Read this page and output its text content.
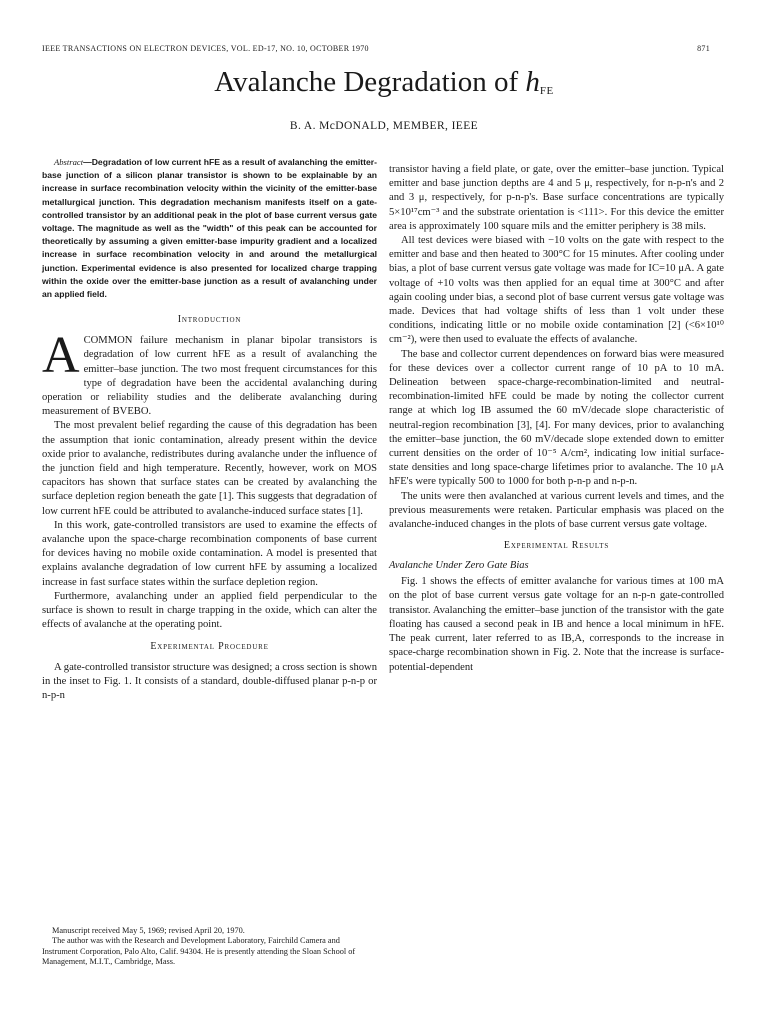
IEEE TRANSACTIONS ON ELECTRON DEVICES, VOL. ED-17, NO. 10, OCTOBER 1970	871
Avalanche Degradation of $h_{FE}$
B. A. McDONALD, MEMBER, IEEE

Abstract—Degradation of low current hFE as a result of avalanching the emitter-base junction of a silicon planar transistor is shown to be explainable by an increase in surface recombination velocity within the vicinity of the emitter-base metallurgical junction. This degradation mechanism manifests itself on a gate-controlled transistor by an additional peak in the plot of base current versus gate voltage. The magnitude as well as the "width" of this peak can be accounted for theoretically by assuming a given emitter-base impurity gradient and a localized increase in surface recombination velocity in and around the metallurgical junction. Experimental evidence is also presented for localized charge trapping within the oxide over the emitter-base junction as a result of avalanching under an applied field.

Introduction

ACOMMON failure mechanism in planar bipolar transistors is degradation of low current hFE as a result of avalanching the emitter–base junction. The two most frequent circumstances for this type of degradation have been the accidental avalanching during operation or reliability studies and the deliberate avalanching during measurement of BVEBO.

The most prevalent belief regarding the cause of this degradation has been the assumption that ionic contamination, already present within the device oxide prior to avalanche, redistributes during avalanche under the influence of the junction field and high temperature. Recently, however, work on MOS capacitors has shown that surface states can be created by avalanching the surface depletion region beneath the gate [1]. This suggests that degradation of low current hFE could be attributed to avalanche-induced surface states [1].

In this work, gate-controlled transistors are used to examine the effects of avalanche upon the space-charge recombination components of base current for devices having no mobile oxide contamination. A model is presented that explains avalanche degradation of low current hFE by assuming a localized increase in fast surface states within the surface depletion region.

Furthermore, avalanching under an applied field perpendicular to the surface is shown to result in charge trapping in the oxide, which can alter the effects of avalanche at the operating point.

Experimental Procedure

A gate-controlled transistor structure was designed; a cross section is shown in the inset to Fig. 1. It consists of a standard, double-diffused planar p-n-p or n-p-n

transistor having a field plate, or gate, over the emitter–base junction. Typical emitter and base junction depths are 4 and 5 μ, respectively, for n-p-n's and 2 and 3 μ, respectively, for p-n-p's. Base surface concentrations are typically 5×10¹⁷cm⁻³ and the substrate orientation is <111>. For this device the emitter area is approximately 100 square mils and the emitter periphery is 38 mils.

All test devices were biased with −10 volts on the gate with respect to the emitter and base and then heated to 300°C for 15 minutes. After cooling under bias, a plot of base current versus gate voltage was made for IC=10 μA. A gate voltage of +10 volts was then applied for an equal time at 300°C and after again cooling under bias, a second plot of base current versus gate voltage was made. Devices that had voltage shifts of less than 1 volt under these conditions, indicating little or no mobile oxide contamination [2] (<6×10¹⁰ cm⁻²), were then used to evaluate the effects of avalanche.

The base and collector current dependences on forward bias were measured for these devices over a collector current range of 10 pA to 10 mA. Delineation between space-charge-recombination-limited and neutral-recombination-limited hFE could be made by noting the collector current range at which log IB assumed the 60 mV/decade slope characteristic of neutral-region recombination [3], [4]. For many devices, prior to avalanching the emitter–base junction, the 60 mV/decade slope extended down to emitter current densities on the order of 10⁻⁵ A/cm², indicating low initial surface-state densities and long space-charge lifetimes prior to avalanche. The 10 μA hFE's were typically 500 to 1000 for both p-n-p and n-p-n.

The units were then avalanched at various current levels and times, and the previous measurements were retaken. Particular emphasis was placed on the avalanche-induced changes in the plots of base current versus gate voltage.

Experimental Results
Avalanche Under Zero Gate Bias

Fig. 1 shows the effects of emitter avalanche for various times at 100 mA on the plot of base current versus gate voltage for an n-p-n gate-controlled transistor. Avalanching the emitter–base junction of the transistor with the gate floating has caused a second peak in IB and hence a local minimum in hFE. The peak current, later referred to as IB,A, corresponds to the increase in space-charge recombination shown in Fig. 2. Note that the increase is surface-potential-dependent

Manuscript received May 5, 1969; revised April 20, 1970.
The author was with the Research and Development Laboratory, Fairchild Camera and Instrument Corporation, Palo Alto, Calif. 94304. He is presently attending the Sloan School of Management, M.I.T., Cambridge, Mass.
